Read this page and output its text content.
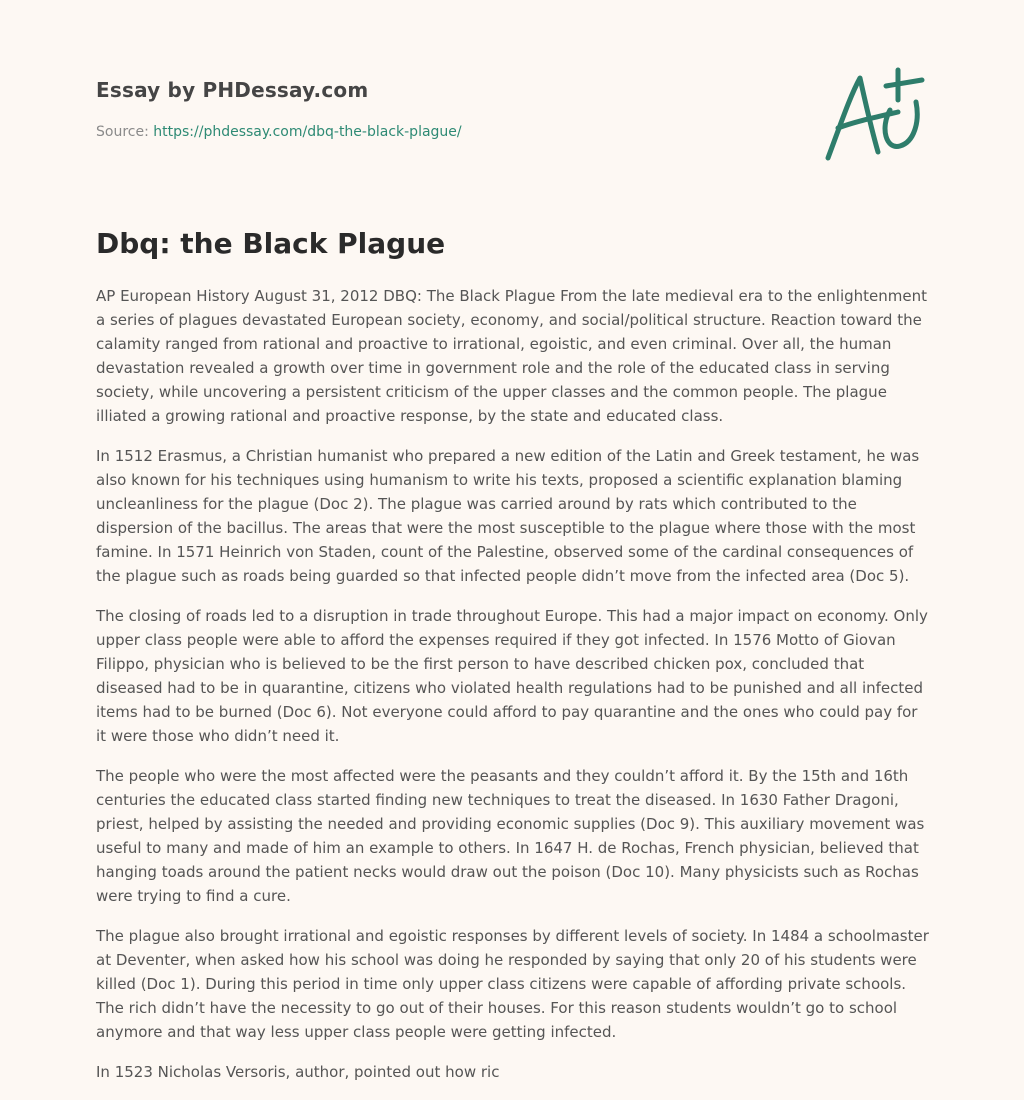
Essay by PHDessay.com
Source: https://phdessay.com/dbq-the-black-plague/
Dbq: the Black Plague

AP European History August 31, 2012 DBQ: The Black Plague From the late medieval era to the enlightenment a series of plagues devastated European society, economy, and social/political structure. Reaction toward the calamity ranged from rational and proactive to irrational, egoistic, and even criminal. Over all, the human devastation revealed a growth over time in government role and the role of the educated class in serving society, while uncovering a persistent criticism of the upper classes and the common people. The plague illiated a growing rational and proactive response, by the state and educated class.

In 1512 Erasmus, a Christian humanist who prepared a new edition of the Latin and Greek testament, he was also known for his techniques using humanism to write his texts, proposed a scientific explanation blaming uncleanliness for the plague (Doc 2). The plague was carried around by rats which contributed to the dispersion of the bacillus. The areas that were the most susceptible to the plague where those with the most famine. In 1571 Heinrich von Staden, count of the Palestine, observed some of the cardinal consequences of the plague such as roads being guarded so that infected people didn’t move from the infected area (Doc 5).

The closing of roads led to a disruption in trade throughout Europe. This had a major impact on economy. Only upper class people were able to afford the expenses required if they got infected. In 1576 Motto of Giovan Filippo, physician who is believed to be the first person to have described chicken pox, concluded that diseased had to be in quarantine, citizens who violated health regulations had to be punished and all infected items had to be burned (Doc 6). Not everyone could afford to pay quarantine and the ones who could pay for it were those who didn’t need it.

The people who were the most affected were the peasants and they couldn’t afford it. By the 15th and 16th centuries the educated class started finding new techniques to treat the diseased. In 1630 Father Dragoni, priest, helped by assisting the needed and providing economic supplies (Doc 9). This auxiliary movement was useful to many and made of him an example to others. In 1647 H. de Rochas, French physician, believed that hanging toads around the patient necks would draw out the poison (Doc 10). Many physicists such as Rochas were trying to find a cure.

The plague also brought irrational and egoistic responses by different levels of society. In 1484 a schoolmaster at Deventer, when asked how his school was doing he responded by saying that only 20 of his students were killed (Doc 1). During this period in time only upper class citizens were capable of affording private schools. The rich didn’t have the necessity to go out of their houses. For this reason students wouldn’t go to school anymore and that way less upper class people were getting infected.

In 1523 Nicholas Versoris, author, pointed out how ric
